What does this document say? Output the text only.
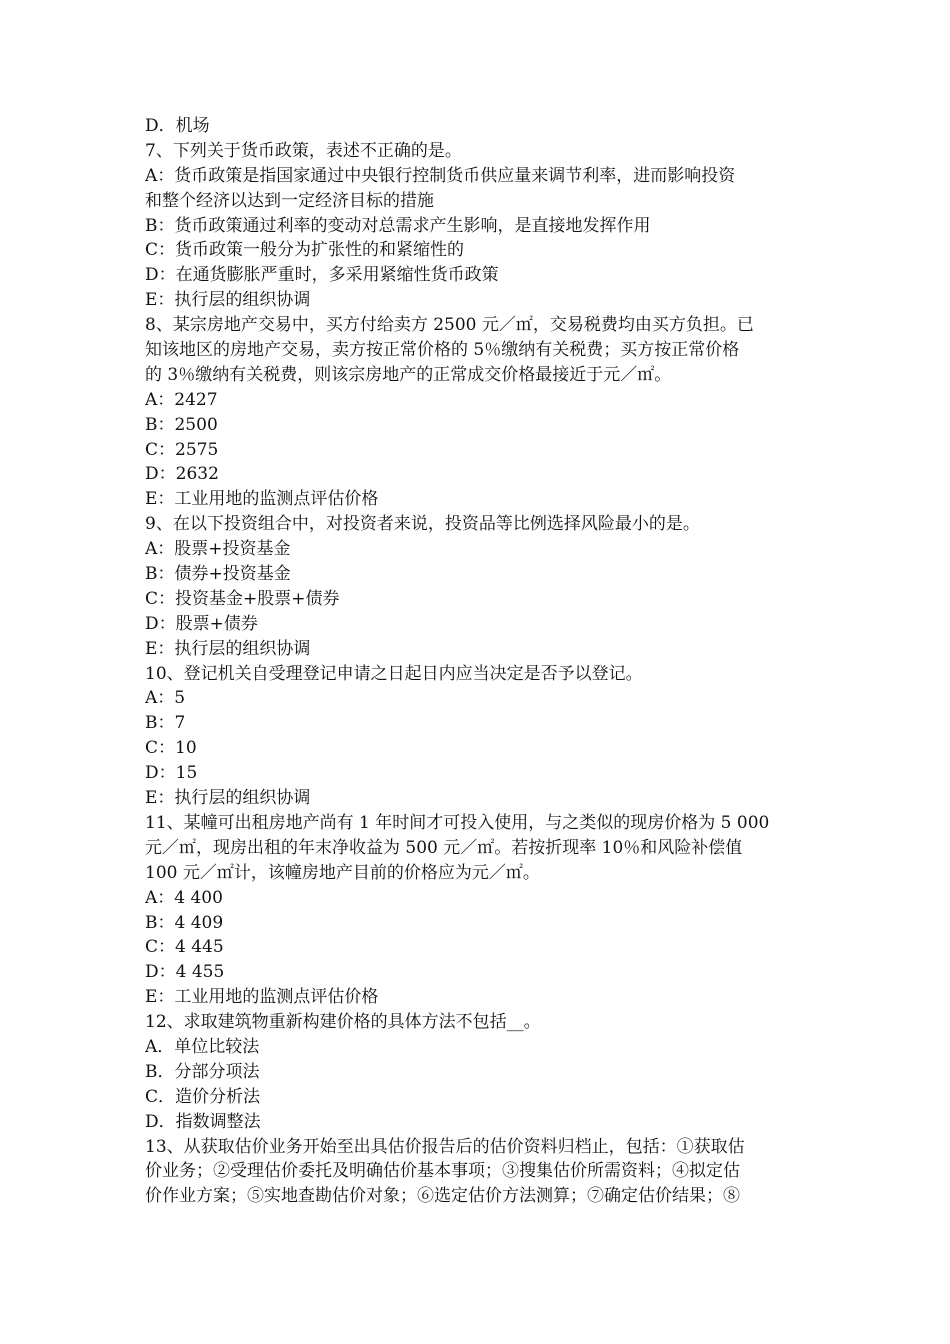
D．机场
7、下列关于货币政策，表述不正确的是。
A：货币政策是指国家通过中央银行控制货币供应量来调节利率，进而影响投资
和整个经济以达到一定经济目标的措施
B：货币政策通过利率的变动对总需求产生影响，是直接地发挥作用
C：货币政策一般分为扩张性的和紧缩性的
D：在通货膨胀严重时，多采用紧缩性货币政策
E：执行层的组织协调
8、某宗房地产交易中，买方付给卖方 2500 元／㎡，交易税费均由买方负担。已
知该地区的房地产交易，卖方按正常价格的 5％缴纳有关税费；买方按正常价格
的 3％缴纳有关税费，则该宗房地产的正常成交价格最接近于元／㎡。
A：2427
B：2500
C：2575
D：2632
E：工业用地的监测点评估价格
9、在以下投资组合中，对投资者来说，投资品等比例选择风险最小的是。
A：股票+投资基金
B：债券+投资基金
C：投资基金+股票+债券
D：股票+债券
E：执行层的组织协调
10、登记机关自受理登记申请之日起日内应当决定是否予以登记。
A：5
B：7
C：10
D：15
E：执行层的组织协调
11、某幢可出租房地产尚有 1 年时间才可投入使用，与之类似的现房价格为 5 000
元／㎡，现房出租的年末净收益为 500 元／㎡。若按折现率 10％和风险补偿值
100 元／㎡计，该幢房地产目前的价格应为元／㎡。
A：4 400
B：4 409
C：4 445
D：4 455
E：工业用地的监测点评估价格
12、求取建筑物重新构建价格的具体方法不包括__。
A．单位比较法
B．分部分项法
C．造价分析法
D．指数调整法
13、从获取估价业务开始至出具估价报告后的估价资料归档止，包括：①获取估
价业务；②受理估价委托及明确估价基本事项；③搜集估价所需资料；④拟定估
价作业方案；⑤实地查勘估价对象；⑥选定估价方法测算；⑦确定估价结果；⑧
